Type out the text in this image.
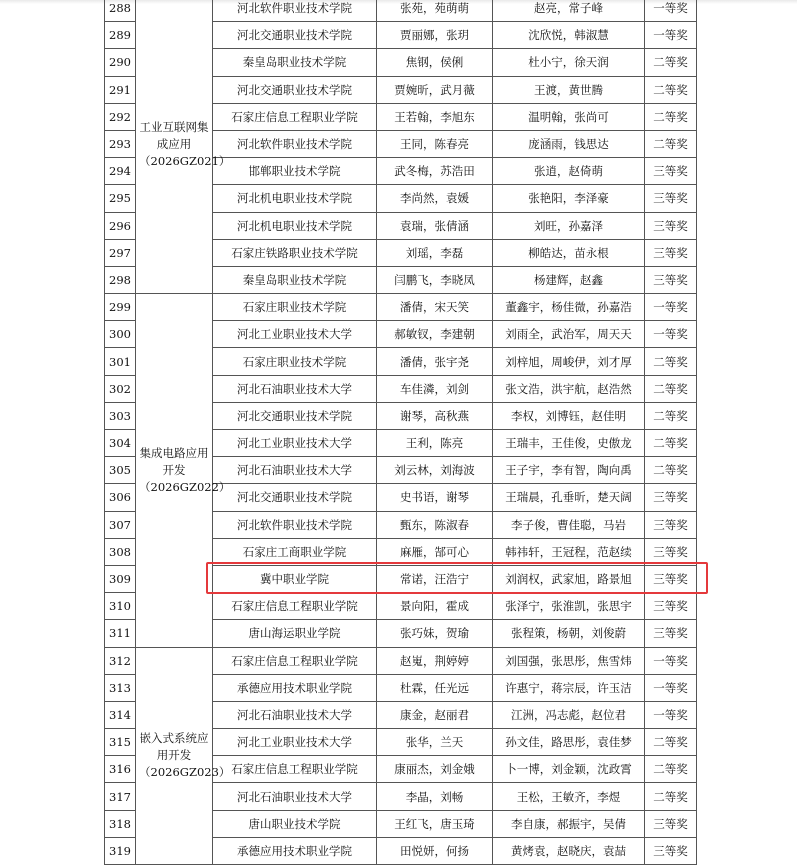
288	工业互联网集成应用（2026GZ021）	河北软件职业技术学院	张苑，苑萌萌	赵亮，常子峰	一等奖
289		河北交通职业技术学院	贾丽娜，张玥	沈欣悦，韩淑慧	一等奖
290		秦皇岛职业技术学院	焦钢，侯俐	杜小宁，徐天润	二等奖
291		河北交通职业技术学院	贾婉昕，武月薇	王渡，黄世腾	二等奖
292		石家庄信息工程职业学院	王若翰，李旭东	温明翰，张尚可	二等奖
293		河北软件职业技术学院	王同，陈春亮	庞涵雨，钱思达	二等奖
294		邯郸职业技术学院	武冬梅，苏浩田	张逍，赵倚萌	三等奖
295		河北机电职业技术学院	李尚然，袁媛	张艳阳，李泽豪	三等奖
296		河北机电职业技术学院	袁瑞，张倩涵	刘旺，孙嘉泽	三等奖
297		石家庄铁路职业技术学院	刘瑶，李磊	柳皓达，苗永根	三等奖
298		秦皇岛职业技术学院	闫鹏飞，李晓凤	杨建辉，赵鑫	三等奖
299	集成电路应用开发（2026GZ022）	石家庄职业技术学院	潘倩，宋天笑	董鑫宇，杨佳微，孙嘉浩	一等奖
300		河北工业职业技术大学	郝敏钗，李建朝	刘雨全，武治军，周天天	一等奖
301		石家庄职业技术学院	潘倩，张宇尧	刘梓旭，周峻伊，刘才厚	二等奖
302		河北石油职业技术大学	车佳潾，刘剑	张文浩，洪宇航，赵浩然	二等奖
303		河北交通职业技术学院	谢琴，高秋燕	李权，刘博钰，赵佳明	二等奖
304		河北工业职业技术大学	王利，陈亮	王瑞丰，王佳俊，史傲龙	二等奖
305		河北石油职业技术大学	刘云林，刘海波	王子宇，李有智，陶向禹	二等奖
306		河北交通职业技术学院	史书语，谢琴	王瑞晨，孔垂昕，楚天阔	三等奖
307		河北软件职业技术学院	甄东，陈淑春	李子俊，曹佳聪，马岩	三等奖
308		石家庄工商职业学院	麻雁，郜可心	韩祎轩，王冠程，范赵续	三等奖
309		冀中职业学院	常诺，汪浩宁	刘润权，武家旭，路景旭	三等奖
310		石家庄信息工程职业学院	景向阳，霍成	张泽宁，张淮凯，张思宇	三等奖
311		唐山海运职业学院	张巧妹，贺瑜	张程策，杨朝，刘俊蔚	三等奖
312	嵌入式系统应用开发（2026GZ023）	石家庄信息工程职业学院	赵嵬，荆婷婷	刘国强，张思彤，焦雪炜	一等奖
313		承德应用技术职业学院	杜霖，任光远	许惠宁，蒋宗辰，许玉洁	一等奖
314		河北石油职业技术大学	康金，赵丽君	江洲，冯志彪，赵位君	一等奖
315		河北工业职业技术大学	张华，兰天	孙文佳，路思彤，袁佳梦	二等奖
316		石家庄信息工程职业学院	康丽杰，刘金娥	卜一博，刘金颖，沈政霄	二等奖
317		河北石油职业技术大学	李晶，刘畅	王松，王敏齐，李煜	二等奖
318		唐山职业技术学院	王红飞，唐玉琦	李自康，郝振宇，吴倩	三等奖
319		承德应用技术职业学院	田悦妍，何扬	黄烤袁，赵晓庆，袁喆	三等奖
